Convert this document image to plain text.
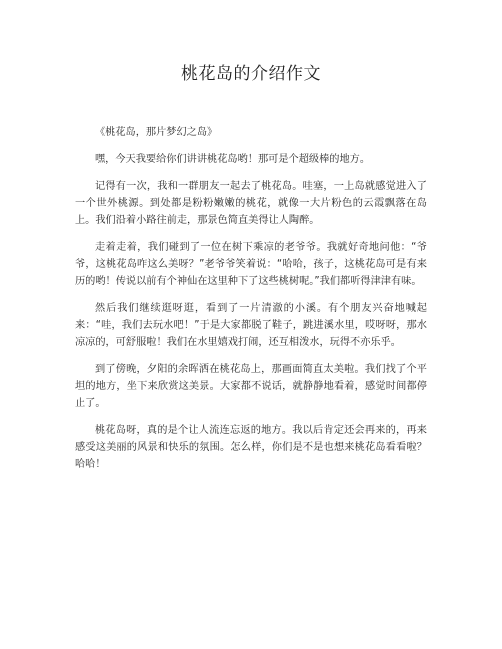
桃花岛的介绍作文

《桃花岛，那片梦幻之岛》

嘿，今天我要给你们讲讲桃花岛哟！那可是个超级棒的地方。

记得有一次，我和一群朋友一起去了桃花岛。哇塞，一上岛就感觉进入了一个世外桃源。到处都是粉粉嫩嫩的桃花，就像一大片粉色的云霞飘落在岛上。我们沿着小路往前走，那景色简直美得让人陶醉。

走着走着，我们碰到了一位在树下乘凉的老爷爷。我就好奇地问他：“爷爷，这桃花岛咋这么美呀？”老爷爷笑着说：“哈哈，孩子，这桃花岛可是有来历的哟！传说以前有个神仙在这里种下了这些桃树呢。”我们都听得津津有味。

然后我们继续逛呀逛，看到了一片清澈的小溪。有个朋友兴奋地喊起来：“哇，我们去玩水吧！”于是大家都脱了鞋子，跳进溪水里，哎呀呀，那水凉凉的，可舒服啦！我们在水里嬉戏打闹，还互相泼水，玩得不亦乐乎。

到了傍晚，夕阳的余晖洒在桃花岛上，那画面简直太美啦。我们找了个平坦的地方，坐下来欣赏这美景。大家都不说话，就静静地看着，感觉时间都停止了。

桃花岛呀，真的是个让人流连忘返的地方。我以后肯定还会再来的，再来感受这美丽的风景和快乐的氛围。怎么样，你们是不是也想来桃花岛看看啦？哈哈！
